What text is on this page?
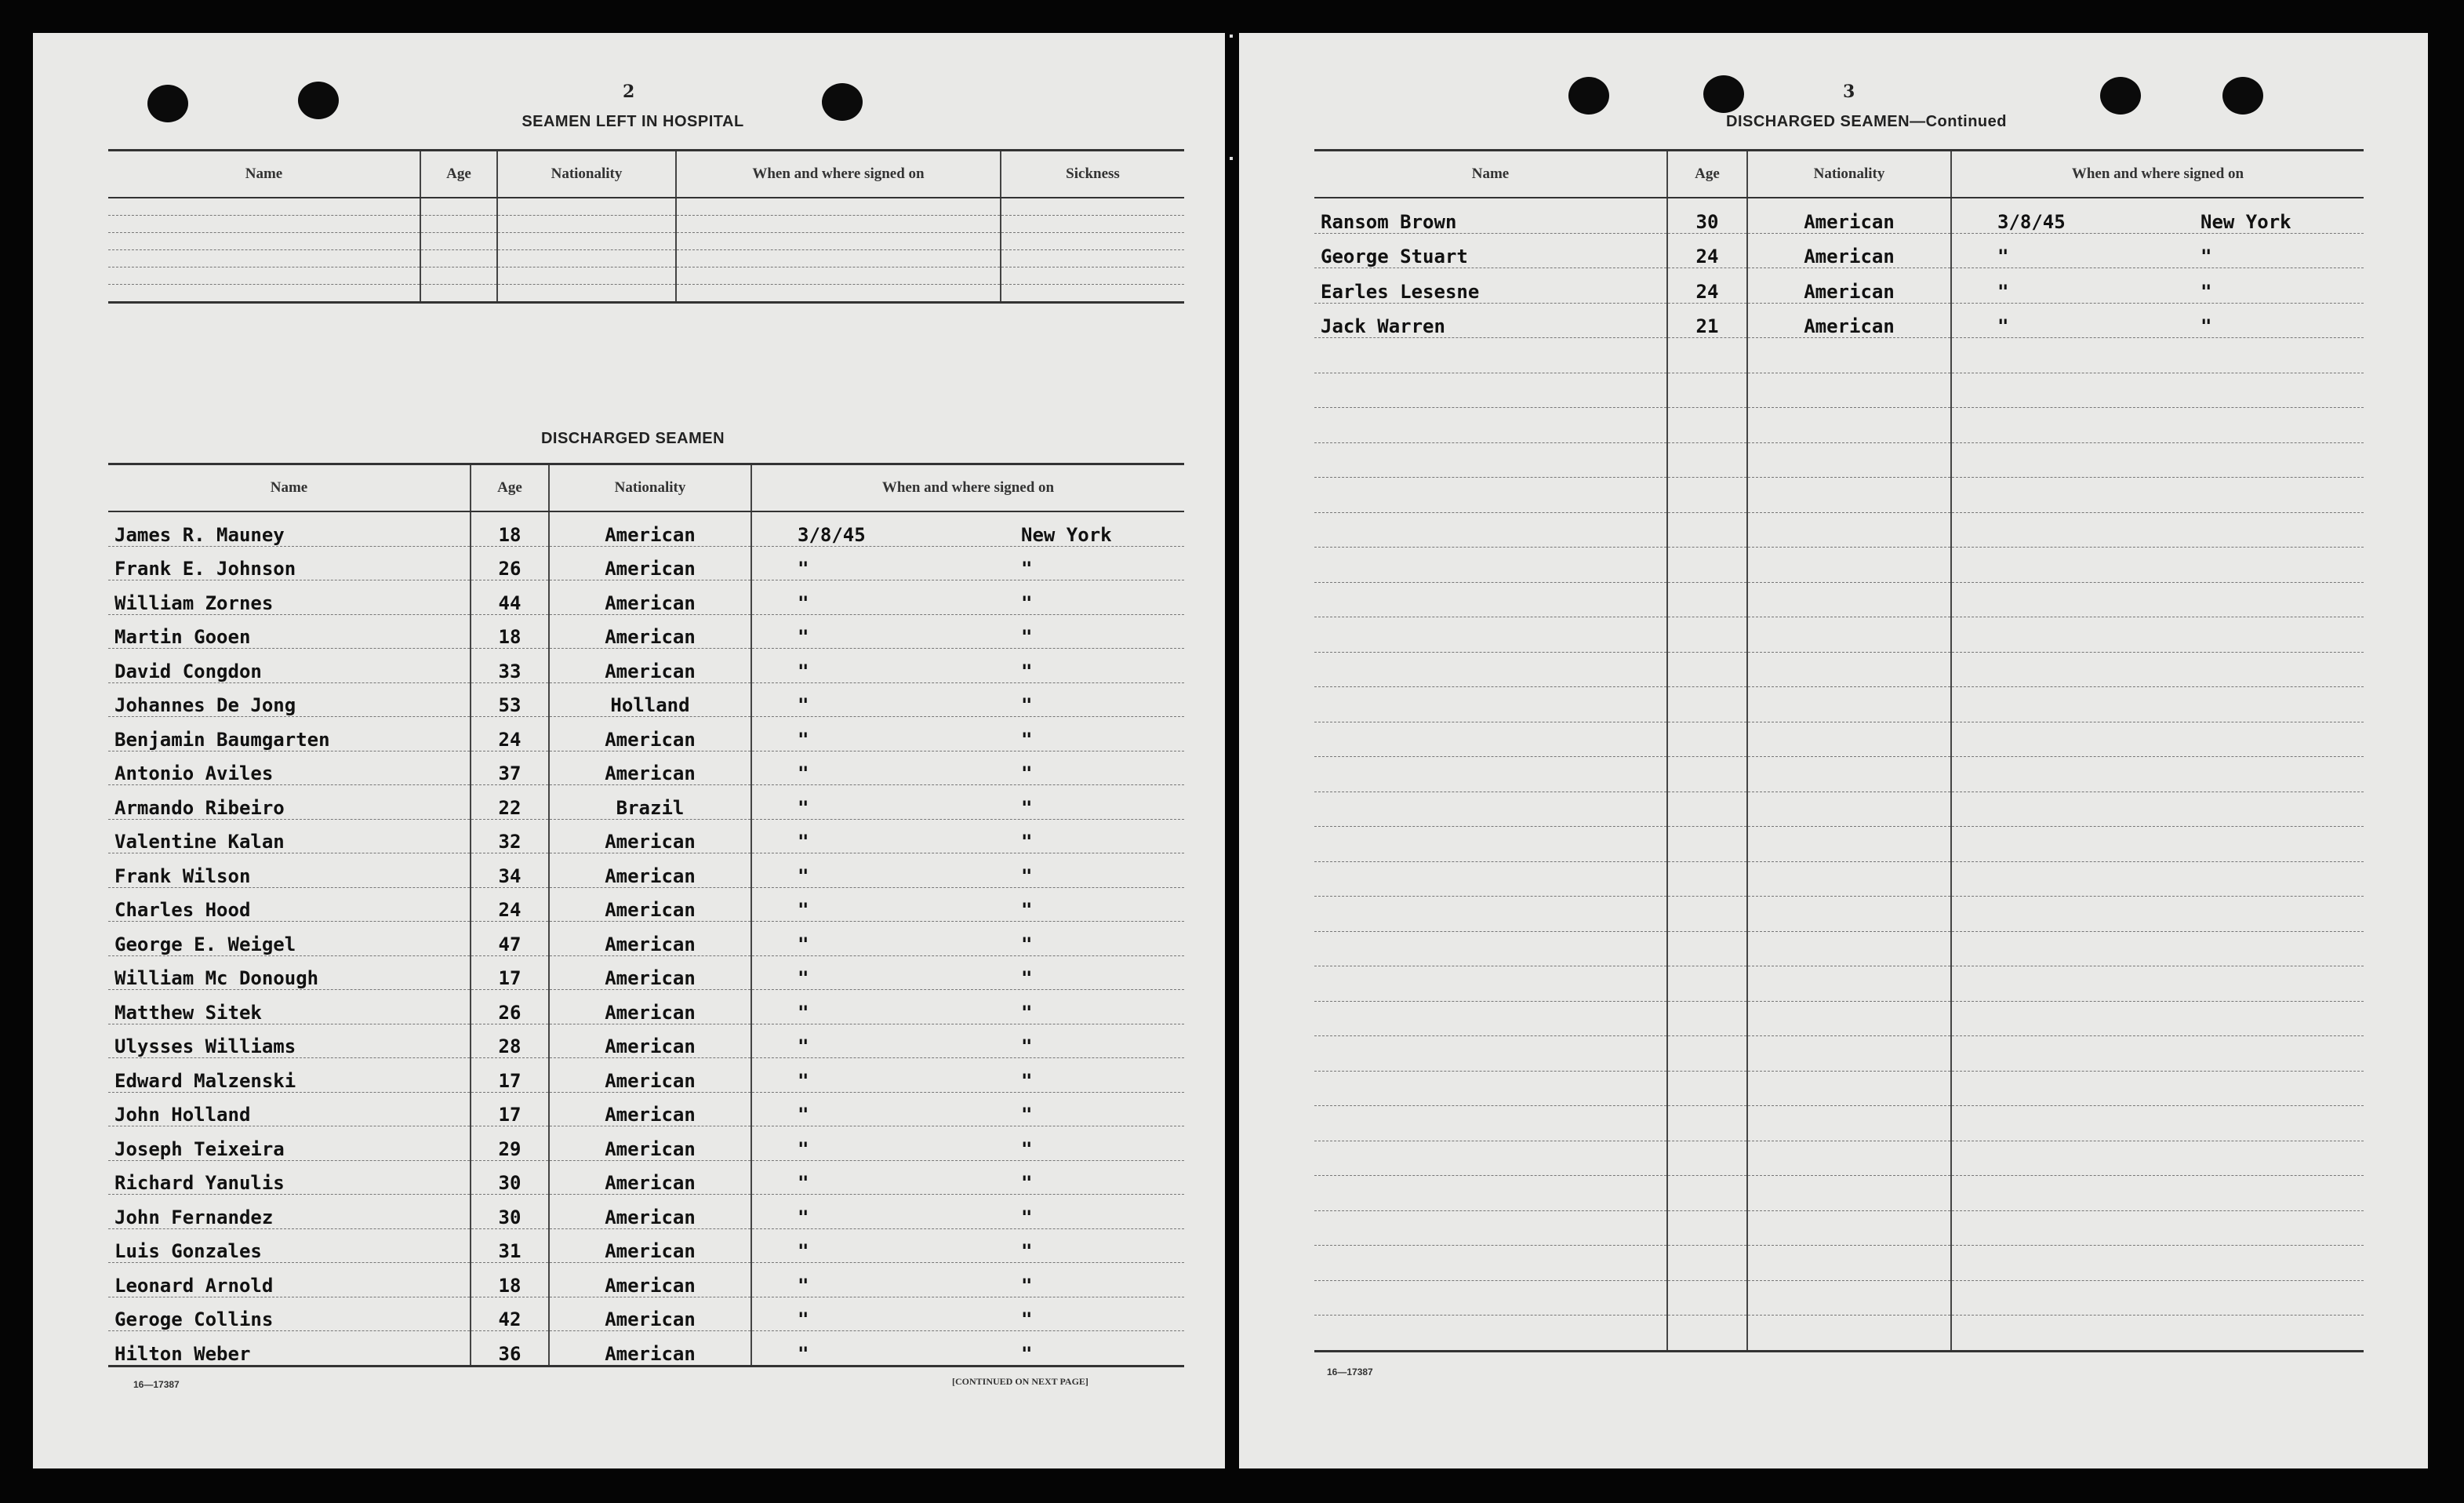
2
SEAMEN LEFT IN HOSPITAL
Name	Age	Nationality	When and where signed on	Sickness

DISCHARGED SEAMEN
Name	Age	Nationality	When and where signed on
James R. Mauney	18	American	3/8/45 New York

Frank E. Johnson	26	American	" "

William Zornes	44	American	" "

Martin Gooen	18	American	" "

David Congdon	33	American	" "

Johannes De Jong	53	Holland	" "

Benjamin Baumgarten	24	American	" "

Antonio Aviles	37	American	" "

Armando Ribeiro	22	Brazil	" "

Valentine Kalan	32	American	" "

Frank Wilson	34	American	" "

Charles Hood	24	American	" "

George E. Weigel	47	American	" "

William Mc Donough	17	American	" "

Matthew Sitek	26	American	" "

Ulysses Williams	28	American	" "

Edward Malzenski	17	American	" "

John Holland	17	American	" "

Joseph Teixeira	29	American	" "

Richard Yanulis	30	American	" "

John Fernandez	30	American	" "

Luis Gonzales	31	American	" "

Leonard Arnold	18	American	" "

Geroge Collins	42	American	" "

Hilton Weber	36	American	" "
16—17387	[CONTINUED ON NEXT PAGE]
3
DISCHARGED SEAMEN—Continued
Name	Age	Nationality	When and where signed on
Ransom Brown	30	American	3/8/45 New York

George Stuart	24	American	" "

Earles Lesesne	24	American	" "

Jack Warren	21	American	" "

16—17387
